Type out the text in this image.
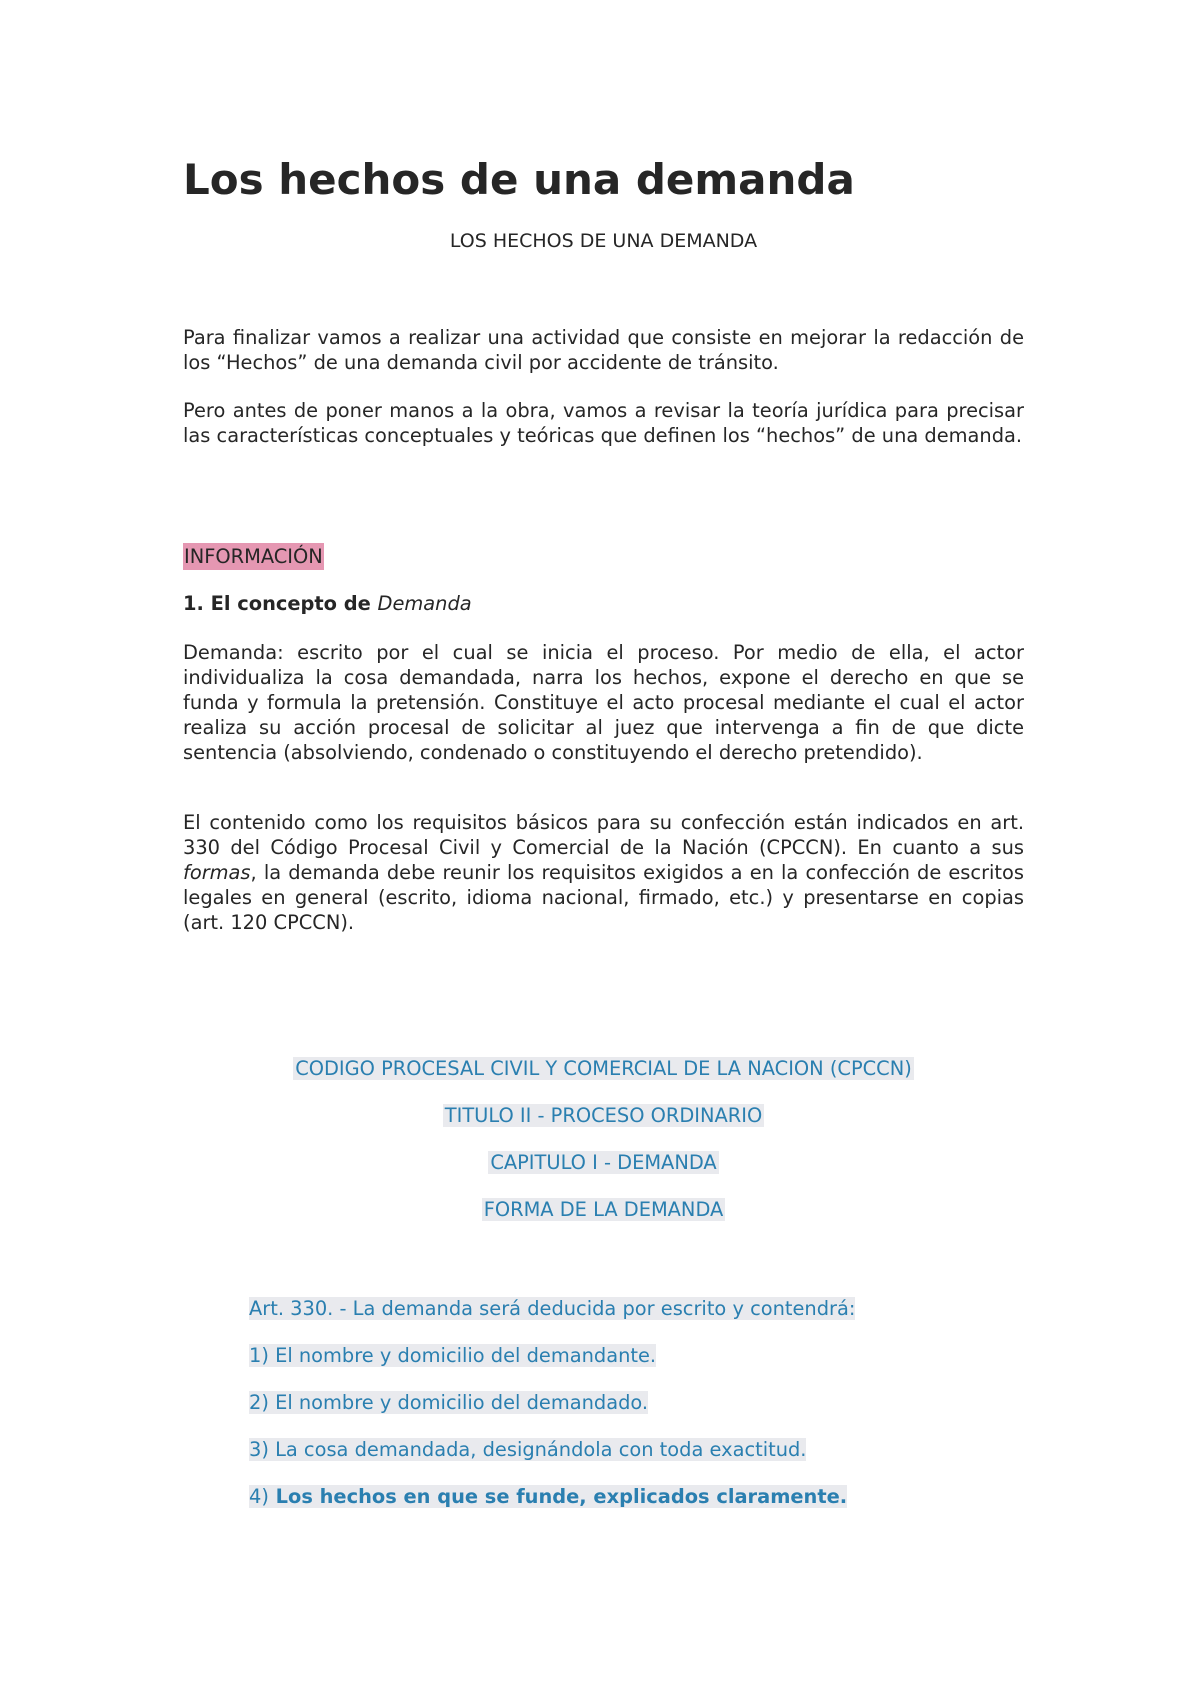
Los hechos de una demanda
LOS HECHOS DE UNA DEMANDA

Para finalizar vamos a realizar una actividad que consiste en mejorar la redacción de los “Hechos” de una demanda civil por accidente de tránsito.

Pero antes de poner manos a la obra, vamos a revisar la teoría jurídica para precisar las características conceptuales y teóricas que definen los “hechos” de una demanda.

INFORMACIÓN
1. El concepto de Demanda

Demanda: escrito por el cual se inicia el proceso. Por medio de ella, el actor individualiza la cosa demandada, narra los hechos, expone el derecho en que se funda y formula la pretensión. Constituye el acto procesal mediante el cual el actor realiza su acción procesal de solicitar al juez que intervenga a fin de que dicte sentencia (absolviendo, condenado o constituyendo el derecho pretendido).

El contenido como los requisitos básicos para su confección están indicados en art. 330 del Código Procesal Civil y Comercial de la Nación (CPCCN). En cuanto a sus formas, la demanda debe reunir los requisitos exigidos a en la confección de escritos legales en general (escrito, idioma nacional, firmado, etc.) y presentarse en copias (art. 120 CPCCN).

CODIGO PROCESAL CIVIL Y COMERCIAL DE LA NACION (CPCCN)
TITULO II - PROCESO ORDINARIO
CAPITULO I - DEMANDA
FORMA DE LA DEMANDA
Art. 330. - La demanda será deducida por escrito y contendrá:
1) El nombre y domicilio del demandante.
2) El nombre y domicilio del demandado.
3) La cosa demandada, designándola con toda exactitud.
4) Los hechos en que se funde, explicados claramente.
